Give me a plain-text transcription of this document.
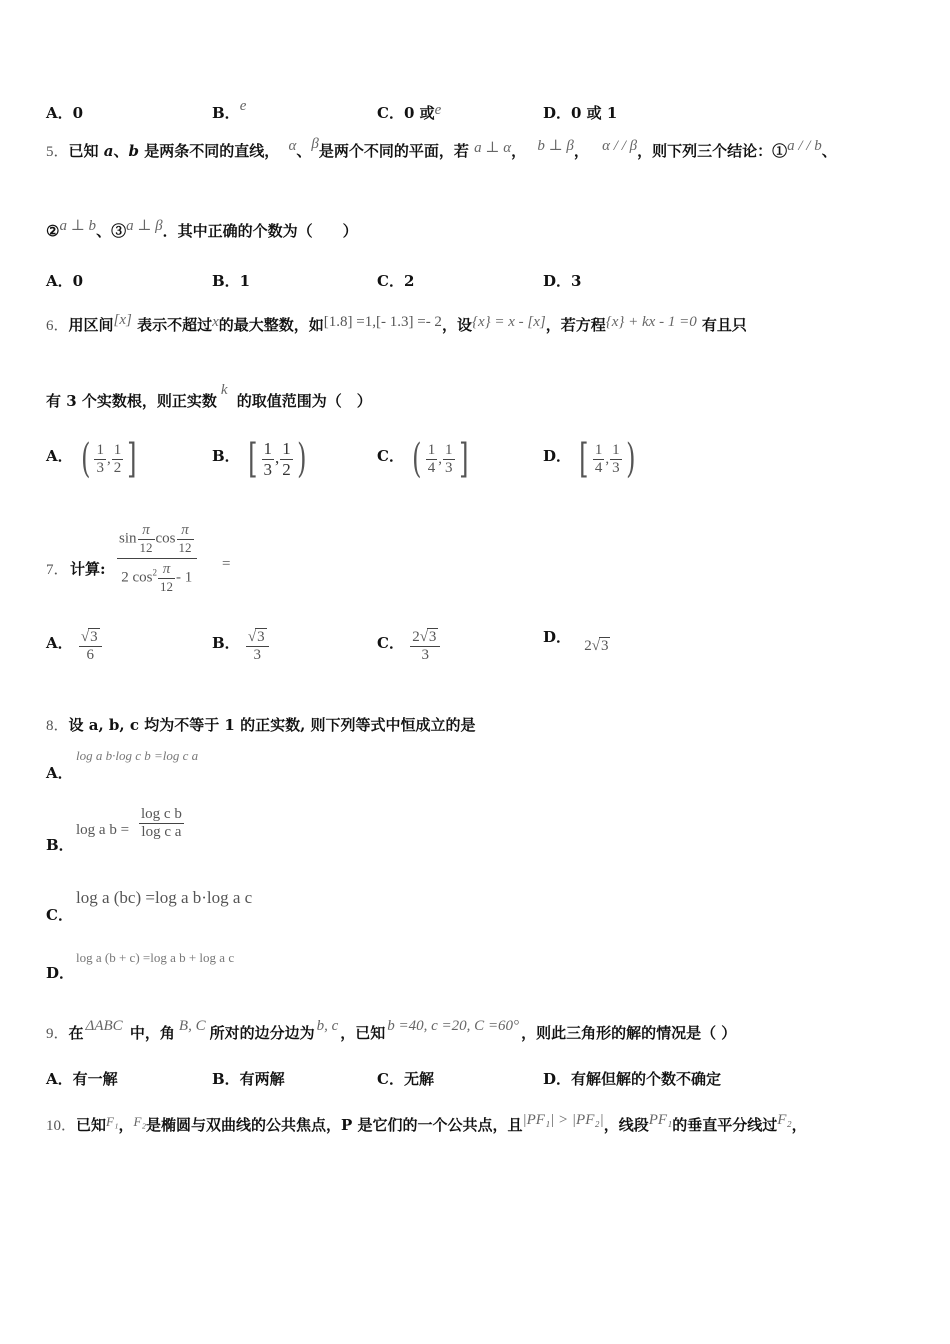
A．0	B．e	C．0 或e	D．0 或 1
5．已知 a、b 是两条不同的直线， α、β是两个不同的平面，若 a ⊥ α， b ⊥ β， α / / β，则下列三个结论：①a / / b、
②a ⊥ b、③a ⊥ β．其中正确的个数为（　　）
A．0	B．1	C．2	D．3
6．用区间[x] 表示不超过x的最大整数，如[1.8] =1,[- 1.3] =- 2，设{x} = x - [x]，若方程{x} + kx - 1 =0 有且只
有 3 个实数根，则正实数k 的取值范围为（　）
A． ( $\frac{1}{3}$ , $\frac{1}{2}$ ]	B． [ $\frac{1}{3}$ , $\frac{1}{2}$ )	C． ( $\frac{1}{4}$ , $\frac{1}{3}$ ]	D． [ $\frac{1}{4}$ , $\frac{1}{3}$ )
7． 计算: $\frac{\sin \frac{\pi}{12} \cos \frac{\pi}{12}}{2 \cos^2 \frac{\pi}{12} - 1}$ =
A． $\frac{√3}{6}$	B． $\frac{√3}{3}$	C． $\frac{2√3}{3}$	D． 2√3
8．设 a, b, c 均为不等于 1 的正实数, 则下列等式中恒成立的是
A．
log a b·log c b =log c a
B．
log a $b = \frac{\text{log c b}}{\text{log c a}}$
C．
log a (bc) =log a b·log a c
D．
log a (b + c) =log a b + log a c
9．在 ΔABC 中，角 B, C 所对的边分边为 b, c ，已知 b =40, c =20, C =60° ，则此三角形的解的情况是（ ）
A．有一解	B．有两解	C．无解	D．有解但解的个数不确定
10．已知F₁，F₂是椭圆与双曲线的公共焦点，P 是它们的一个公共点，且|PF₁| > |PF₂|，线段PF₁的垂直平分线过F₂，
